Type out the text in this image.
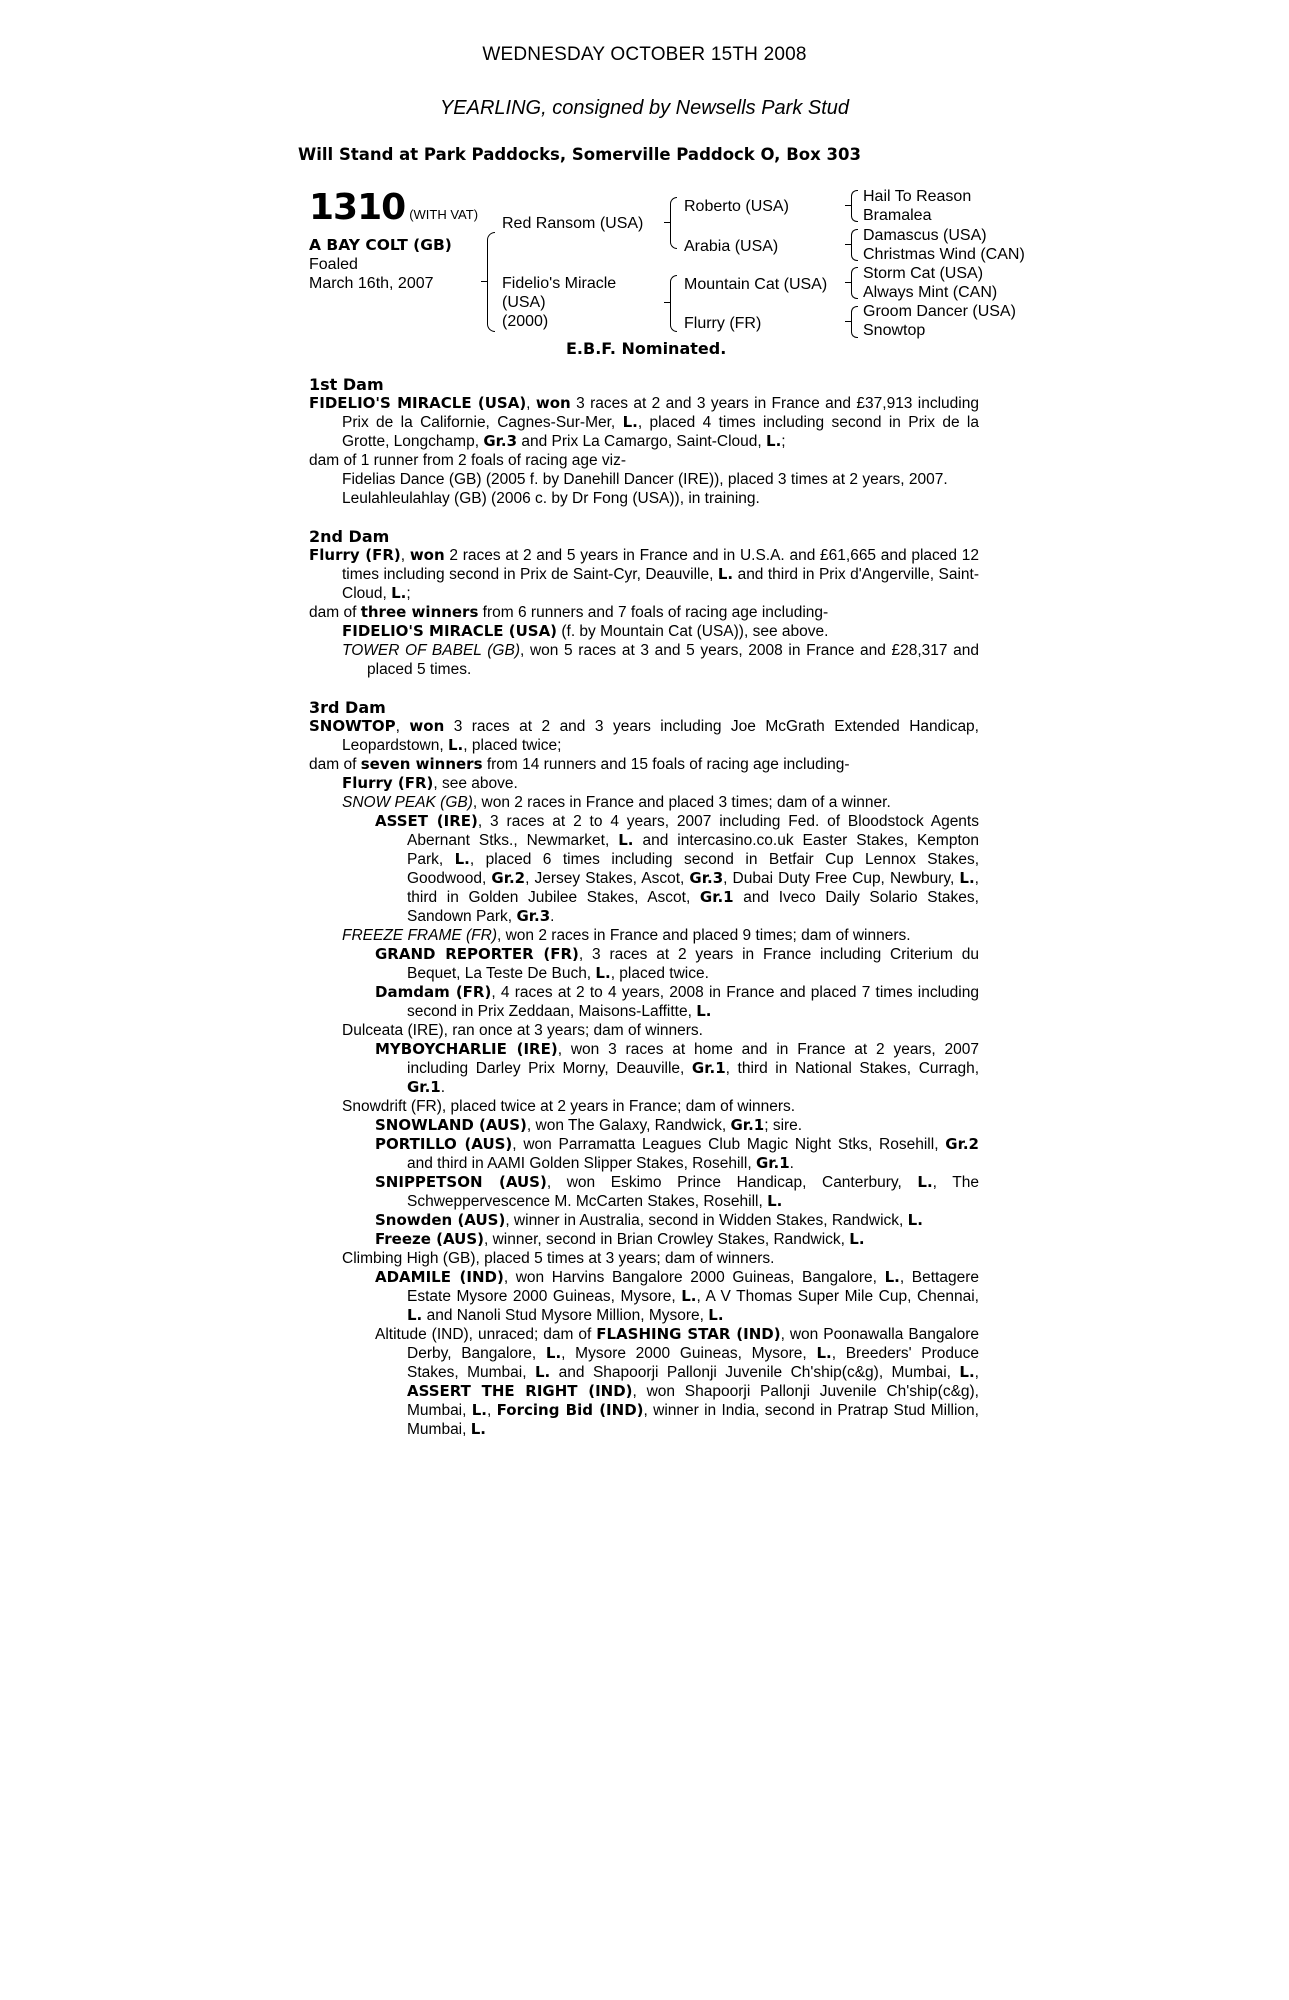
WEDNESDAY OCTOBER 15TH 2008
YEARLING, consigned by Newsells Park Stud
Will Stand at Park Paddocks, Somerville Paddock O, Box 303
1310 (WITH VAT)
A BAY COLT (GB)
Foaled
March 16th, 2007
Red Ransom (USA)
Fidelio's Miracle
(USA)
(2000)
Roberto (USA)
Arabia (USA)
Mountain Cat (USA)
Flurry (FR)
Hail To Reason
Bramalea
Damascus (USA)
Christmas Wind (CAN)
Storm Cat (USA)
Always Mint (CAN)
Groom Dancer (USA)
Snowtop
E.B.F. Nominated.
1st Dam
FIDELIO'S MIRACLE (USA), won 3 races at 2 and 3 years in France and £37,913 including Prix de la Californie, Cagnes-Sur-Mer, L., placed 4 times including second in Prix de la Grotte, Longchamp, Gr.3 and Prix La Camargo, Saint-Cloud, L.;
dam of 1 runner from 2 foals of racing age viz-
Fidelias Dance (GB) (2005 f. by Danehill Dancer (IRE)), placed 3 times at 2 years, 2007.
Leulahleulahlay (GB) (2006 c. by Dr Fong (USA)), in training.
2nd Dam
Flurry (FR), won 2 races at 2 and 5 years in France and in U.S.A. and £61,665 and placed 12 times including second in Prix de Saint-Cyr, Deauville, L. and third in Prix d'Angerville, Saint-Cloud, L.;
dam of three winners from 6 runners and 7 foals of racing age including-
FIDELIO'S MIRACLE (USA) (f. by Mountain Cat (USA)), see above.
TOWER OF BABEL (GB), won 5 races at 3 and 5 years, 2008 in France and £28,317 and placed 5 times.
3rd Dam
SNOWTOP, won 3 races at 2 and 3 years including Joe McGrath Extended Handicap, Leopardstown, L., placed twice;
dam of seven winners from 14 runners and 15 foals of racing age including-
Flurry (FR), see above.
SNOW PEAK (GB), won 2 races in France and placed 3 times; dam of a winner.
ASSET (IRE), 3 races at 2 to 4 years, 2007 including Fed. of Bloodstock Agents Abernant Stks., Newmarket, L. and intercasino.co.uk Easter Stakes, Kempton Park, L., placed 6 times including second in Betfair Cup Lennox Stakes, Goodwood, Gr.2, Jersey Stakes, Ascot, Gr.3, Dubai Duty Free Cup, Newbury, L., third in Golden Jubilee Stakes, Ascot, Gr.1 and Iveco Daily Solario Stakes, Sandown Park, Gr.3.
FREEZE FRAME (FR), won 2 races in France and placed 9 times; dam of winners.
GRAND REPORTER (FR), 3 races at 2 years in France including Criterium du Bequet, La Teste De Buch, L., placed twice.
Damdam (FR), 4 races at 2 to 4 years, 2008 in France and placed 7 times including second in Prix Zeddaan, Maisons-Laffitte, L.
Dulceata (IRE), ran once at 3 years; dam of winners.
MYBOYCHARLIE (IRE), won 3 races at home and in France at 2 years, 2007 including Darley Prix Morny, Deauville, Gr.1, third in National Stakes, Curragh, Gr.1.
Snowdrift (FR), placed twice at 2 years in France; dam of winners.
SNOWLAND (AUS), won The Galaxy, Randwick, Gr.1; sire.
PORTILLO (AUS), won Parramatta Leagues Club Magic Night Stks, Rosehill, Gr.2 and third in AAMI Golden Slipper Stakes, Rosehill, Gr.1.
SNIPPETSON (AUS), won Eskimo Prince Handicap, Canterbury, L., The Schweppervescence M. McCarten Stakes, Rosehill, L.
Snowden (AUS), winner in Australia, second in Widden Stakes, Randwick, L.
Freeze (AUS), winner, second in Brian Crowley Stakes, Randwick, L.
Climbing High (GB), placed 5 times at 3 years; dam of winners.
ADAMILE (IND), won Harvins Bangalore 2000 Guineas, Bangalore, L., Bettagere Estate Mysore 2000 Guineas, Mysore, L., A V Thomas Super Mile Cup, Chennai, L. and Nanoli Stud Mysore Million, Mysore, L.
Altitude (IND), unraced; dam of FLASHING STAR (IND), won Poonawalla Bangalore Derby, Bangalore, L., Mysore 2000 Guineas, Mysore, L., Breeders' Produce Stakes, Mumbai, L. and Shapoorji Pallonji Juvenile Ch'ship(c&g), Mumbai, L., ASSERT THE RIGHT (IND), won Shapoorji Pallonji Juvenile Ch'ship(c&g), Mumbai, L., Forcing Bid (IND), winner in India, second in Pratrap Stud Million, Mumbai, L.
